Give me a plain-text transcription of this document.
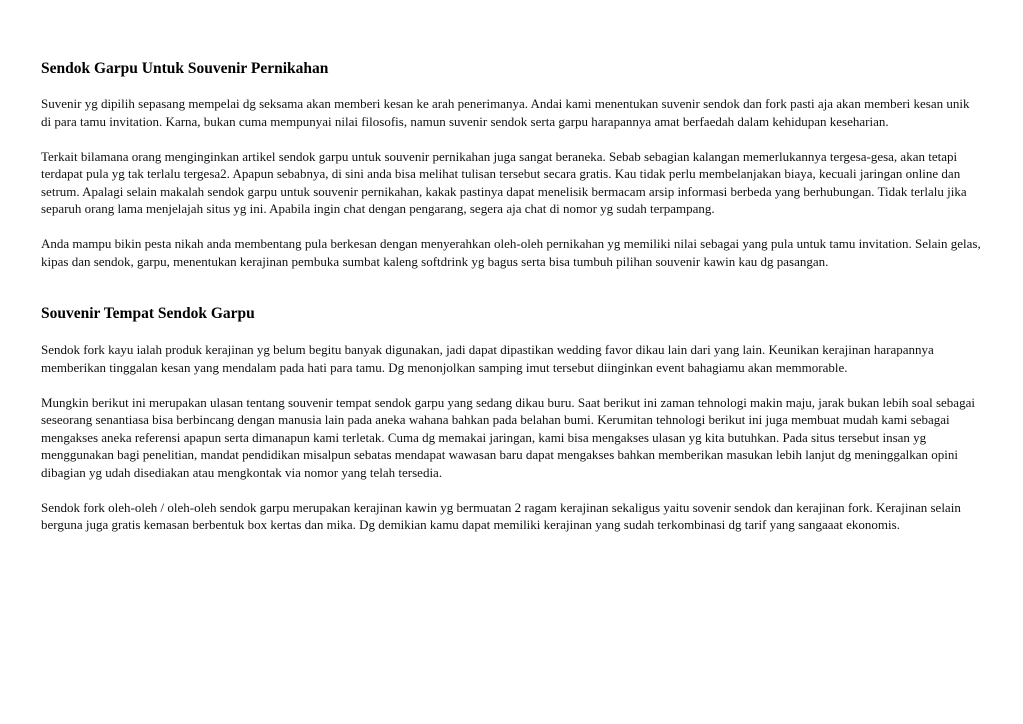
Sendok Garpu Untuk Souvenir Pernikahan

Suvenir yg dipilih sepasang mempelai dg seksama akan memberi kesan ke arah penerimanya. Andai kami menentukan suvenir sendok dan fork pasti aja akan memberi kesan unik di para tamu invitation. Karna, bukan cuma mempunyai nilai filosofis, namun suvenir sendok serta garpu harapannya amat berfaedah dalam kehidupan keseharian.

Terkait bilamana orang menginginkan artikel sendok garpu untuk souvenir pernikahan juga sangat beraneka. Sebab sebagian kalangan memerlukannya tergesa-gesa, akan tetapi terdapat pula yg tak terlalu tergesa2. Apapun sebabnya, di sini anda bisa melihat tulisan tersebut secara gratis. Kau tidak perlu membelanjakan biaya, kecuali jaringan online dan setrum. Apalagi selain makalah sendok garpu untuk souvenir pernikahan, kakak pastinya dapat menelisik bermacam arsip informasi berbeda yang berhubungan. Tidak terlalu jika separuh orang lama menjelajah situs yg ini. Apabila ingin chat dengan pengarang, segera aja chat di nomor yg sudah terpampang.

Anda mampu bikin pesta nikah anda membentang pula berkesan dengan menyerahkan oleh-oleh pernikahan yg memiliki nilai sebagai yang pula untuk tamu invitation. Selain gelas, kipas dan sendok, garpu, menentukan kerajinan pembuka sumbat kaleng softdrink yg bagus serta bisa tumbuh pilihan souvenir kawin kau dg pasangan.

Souvenir Tempat Sendok Garpu

Sendok fork kayu ialah produk kerajinan yg belum begitu banyak digunakan, jadi dapat dipastikan wedding favor dikau lain dari yang lain. Keunikan kerajinan harapannya memberikan tinggalan kesan yang mendalam pada hati para tamu. Dg menonjolkan samping imut tersebut diinginkan event bahagiamu akan memmorable.

Mungkin berikut ini merupakan ulasan tentang souvenir tempat sendok garpu yang sedang dikau buru. Saat berikut ini zaman tehnologi makin maju, jarak bukan lebih soal sebagai seseorang senantiasa bisa berbincang dengan manusia lain pada aneka wahana bahkan pada belahan bumi. Kerumitan tehnologi berikut ini juga membuat mudah kami sebagai mengakses aneka referensi apapun serta dimanapun kami terletak. Cuma dg memakai jaringan, kami bisa mengakses ulasan yg kita butuhkan. Pada situs tersebut insan yg menggunakan bagi penelitian, mandat pendidikan misalpun sebatas mendapat wawasan baru dapat mengakses bahkan memberikan masukan lebih lanjut dg meninggalkan opini dibagian yg udah disediakan atau mengkontak via nomor yang telah tersedia.

Sendok fork oleh-oleh / oleh-oleh sendok garpu merupakan kerajinan kawin yg bermuatan 2 ragam kerajinan sekaligus yaitu sovenir sendok dan kerajinan fork. Kerajinan selain berguna juga gratis kemasan berbentuk box kertas dan mika. Dg demikian kamu dapat memiliki kerajinan yang sudah terkombinasi dg tarif yang sangaaat ekonomis.
